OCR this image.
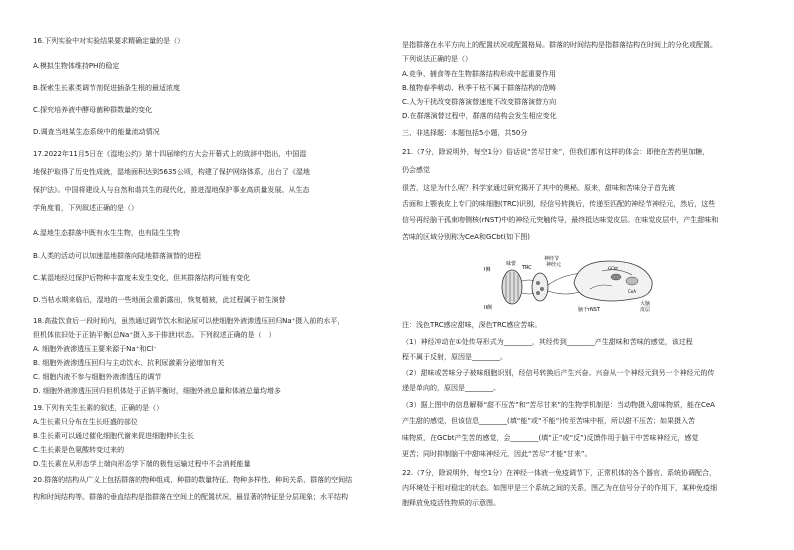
16.下列实验中对实验结果要求精确定量的是（）
A.模拟生物体维持PH的稳定
B.探索生长素类调节剂促进插条生根的最适浓度
C.探究培养液中酵母菌种群数量的变化
D.调查当地某生态系统中的能量流动情况
17.2022年11月5日在《湿地公约》第十四届缔约方大会开幕式上的致辞中指出，中国湿
地保护取得了历史性成就，湿地面积达到5635公顷，构建了保护网络体系，出台了《湿地
保护法》。中国将建设人与自然和谐共生的现代化，推进湿地保护事业高质量发展。从生态
学角度看，下列叙述正确的是（）
A.湿地生态群落中既有水生生物，也有陆生生物
B.人类的活动可以加速湿地群落向陆地群落演替的进程
C.某湿地经过保护后物种丰富度未发生变化，但其群落结构可能有变化
D.当枯水期来临后，湿地的一些地面会重新露出，恢复植被，此过程属于初生演替
18.高盐饮食后一段时间内，虽然通过调节饮水和泌尿可以使细胞外液渗透压回归Na⁺摄入前的水平，
但机体依旧处于正钠平衡(总Na⁺摄入多于排泄)状态。下列叙述正确的是（　）
A. 细胞外液渗透压主要来源于Na⁺和Cl⁻
B. 细胞外液渗透压回归与主动饮水、抗利尿激素分泌增加有关
C. 细胞内液不参与细胞外液渗透压的调节
D. 细胞外液渗透压回归但机体处于正钠平衡时，细胞外液总量和体液总量均增多
19.下列有关生长素的叙述，正确的是（）
A.生长素只分布在生长旺盛的部位
B.生长素可以通过催化细胞代谢来促进细胞伸长生长
C.生长素是色氨酸转变过来的
D.生长素在从形态学上端向形态学下端的极性运输过程中不会消耗能量
20.群落的结构从广义上包括群落的物种组成、种群的数量特征、物种多样性、种间关系、群落的空间结
构和时间结构等。群落的垂直结构是指群落在空间上的配置状况，最显著的特征是分层现象；水平结构
是指群落在水平方向上的配置状况或配置格局。群落的时间结构是指群落结构在时间上的分化或配置。
下列说法正确的是（）
A.竞争、捕食等在生物群落结构形成中起重要作用
B.植物春季萌动、秋季干枯不属于群落结构的范畴
C.人为干扰改变群落演替速度不改变群落演替方向
D.在群落演替过程中，群落的结构会发生相应变化
三、非选择题：本题包括5小题，共50分
21.（7分，除说明外，每空1分）俗话说“苦尽甘来”，但我们都有这样的体会：即使在苦药里加糖，
仍会感觉
很苦，这是为什么呢？科学家通过研究揭开了其中的奥秘。原来，甜味和苦味分子首先被
舌面和上颚表皮上专门的味细胞(TRC)识别，经信号转换后，传递至匹配的神经节神经元，然后，这些
信号再经脑干孤束吻侧核(rNST)中的神经元突触传导，最终抵达味觉皮层。在味觉皮层中，产生甜味和
苦味的区域分别称为CeA和GCbt(如下图)
I侧
II侧
味蕾
TRC
神经节
神经元
脑干rNST
大脑
皮层
CeA
GCbt
注：浅色TRC感应甜味，深色TRC感应苦味。
（1）神经冲动在①处传导形式为________，其经传到________产生甜味和苦味的感觉，该过程
程不属于反射，原因是________。
（2）甜味或苦味分子被味细胞识别，经信号转换后产生兴奋。兴奋从一个神经元到另一个神经元的传
递是单向的，原因是________。
（3）据上图中的信息解释“甜不压苦”和“苦尽甘来”的生物学机制是：当动物摄入甜味物质，能在CeA
产生甜的感觉，但该信息________(填“能”或“不能”)传至苦味中枢，所以甜不压苦；如果摄入苦
味物质，在GCbt产生苦的感觉，会________(填“正”或“反”)反馈作用于脑干中苦味神经元，感觉
更苦；同时抑制脑干中甜味神经元，因此“苦尽”才能“甘来”。
22.（7分，除说明外，每空1分）在神经一体液一免疫调节下，正常机体的各个器官、系统协调配合，
内环境处于相对稳定的状态。如图甲是三个系统之间的关系，图乙为在信号分子的作用下，某种免疫细
胞释放免疫活性物质的示意图。
